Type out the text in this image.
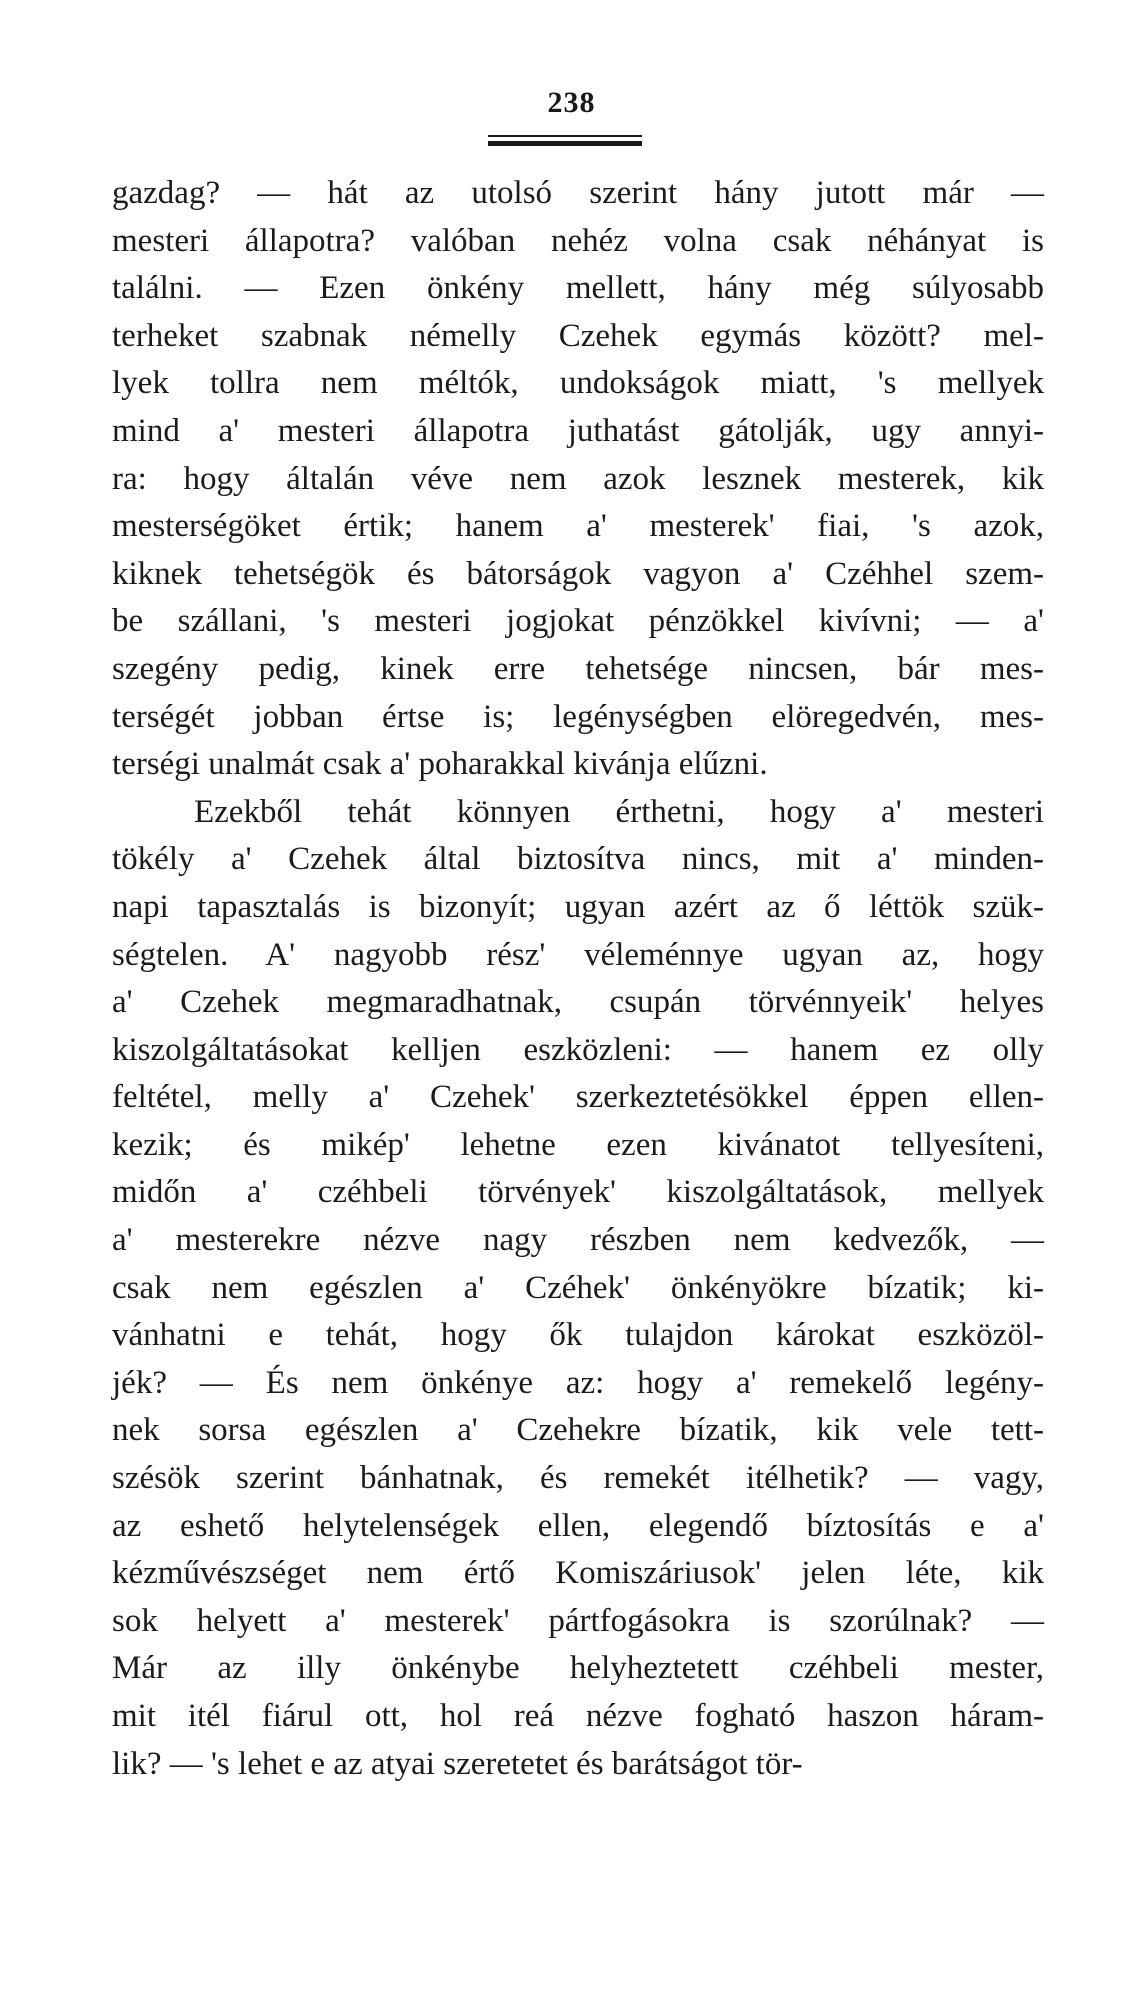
238

gazdag? — hát az utolsó szerint hány jutott már —
mesteri állapotra? valóban nehéz volna csak néhányat is
találni. — Ezen önkény mellett, hány még súlyosabb
terheket szabnak némelly Czehek egymás között? mel-
lyek tollra nem méltók, undokságok miatt, 's mellyek
mind a' mesteri állapotra juthatást gátolják, ugy annyi-
ra: hogy általán véve nem azok lesznek mesterek, kik
mesterségöket értik; hanem a' mesterek' fiai, 's azok,
kiknek tehetségök és bátorságok vagyon a' Czéhhel szem-
be szállani, 's mesteri jogjokat pénzökkel kivívni; — a'
szegény pedig, kinek erre tehetsége nincsen, bár mes-
terségét jobban értse is; legénységben elöregedvén, mes-
terségi unalmát csak a' poharakkal kivánja elűzni.

Ezekből tehát könnyen érthetni, hogy a' mesteri
tökély a' Czehek által biztosítva nincs, mit a' minden-
napi tapasztalás is bizonyít; ugyan azért az ő léttök szük-
ségtelen. A' nagyobb rész' véleménnye ugyan az, hogy
a' Czehek megmaradhatnak, csupán törvénnyeik' helyes
kiszolgáltatásokat kelljen eszközleni: — hanem ez olly
feltétel, melly a' Czehek' szerkeztetésökkel éppen ellen-
kezik; és mikép' lehetne ezen kivánatot tellyesíteni,
midőn a' czéhbeli törvények' kiszolgáltatások, mellyek
a' mesterekre nézve nagy részben nem kedvezők, —
csak nem egészlen a' Czéhek' önkényökre bízatik; ki-
vánhatni e tehát, hogy ők tulajdon károkat eszközöl-
jék? — És nem önkénye az: hogy a' remekelő legény-
nek sorsa egészlen a' Czehekre bízatik, kik vele tett-
szésök szerint bánhatnak, és remekét itélhetik? — vagy,
az eshető helytelenségek ellen, elegendő bíztosítás e a'
kézművészséget nem értő Komiszáriusok' jelen léte, kik
sok helyett a' mesterek' pártfogásokra is szorúlnak? —
Már az illy önkénybe helyheztetett czéhbeli mester,
mit itél fiárul ott, hol reá nézve fogható haszon háram-
lik? — 's lehet e az atyai szeretetet és barátságot tör-
